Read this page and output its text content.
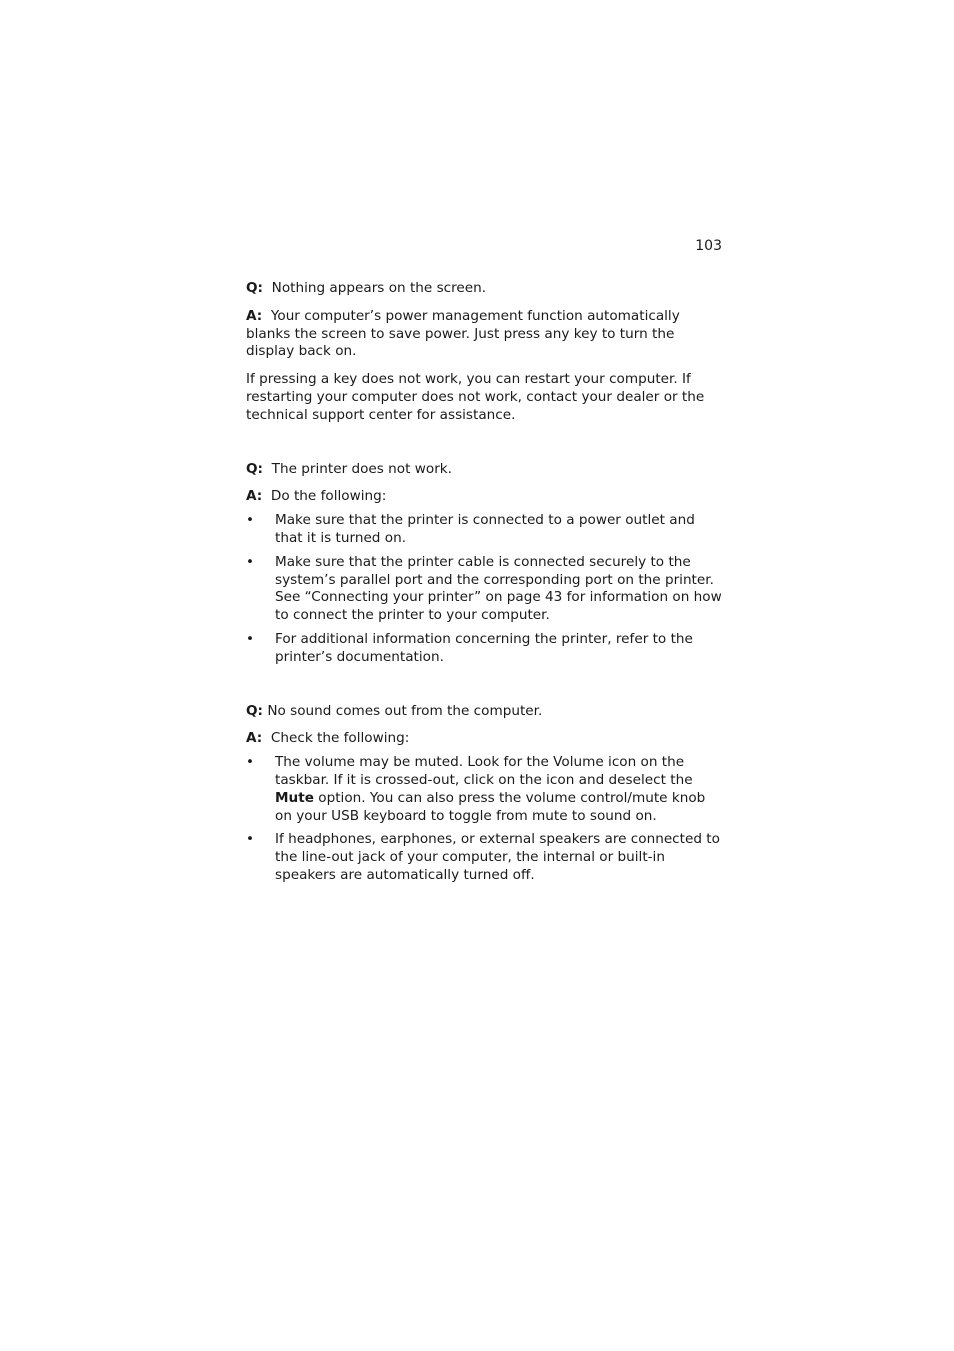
103

Q: Nothing appears on the screen.

A: Your computer’s power management function automatically blanks the screen to save power. Just press any key to turn the display back on.

If pressing a key does not work, you can restart your computer. If restarting your computer does not work, contact your dealer or the technical support center for assistance.

Q: The printer does not work.

A: Do the following:

• Make sure that the printer is connected to a power outlet and that it is turned on.
• Make sure that the printer cable is connected securely to the system’s parallel port and the corresponding port on the printer. See “Connecting your printer” on page 43 for information on how to connect the printer to your computer.
• For additional information concerning the printer, refer to the printer’s documentation.

Q: No sound comes out from the computer.

A: Check the following:

• The volume may be muted. Look for the Volume icon on the taskbar. If it is crossed-out, click on the icon and deselect the Mute option. You can also press the volume control/mute knob on your USB keyboard to toggle from mute to sound on.
• If headphones, earphones, or external speakers are connected to the line-out jack of your computer, the internal or built-in speakers are automatically turned off.
